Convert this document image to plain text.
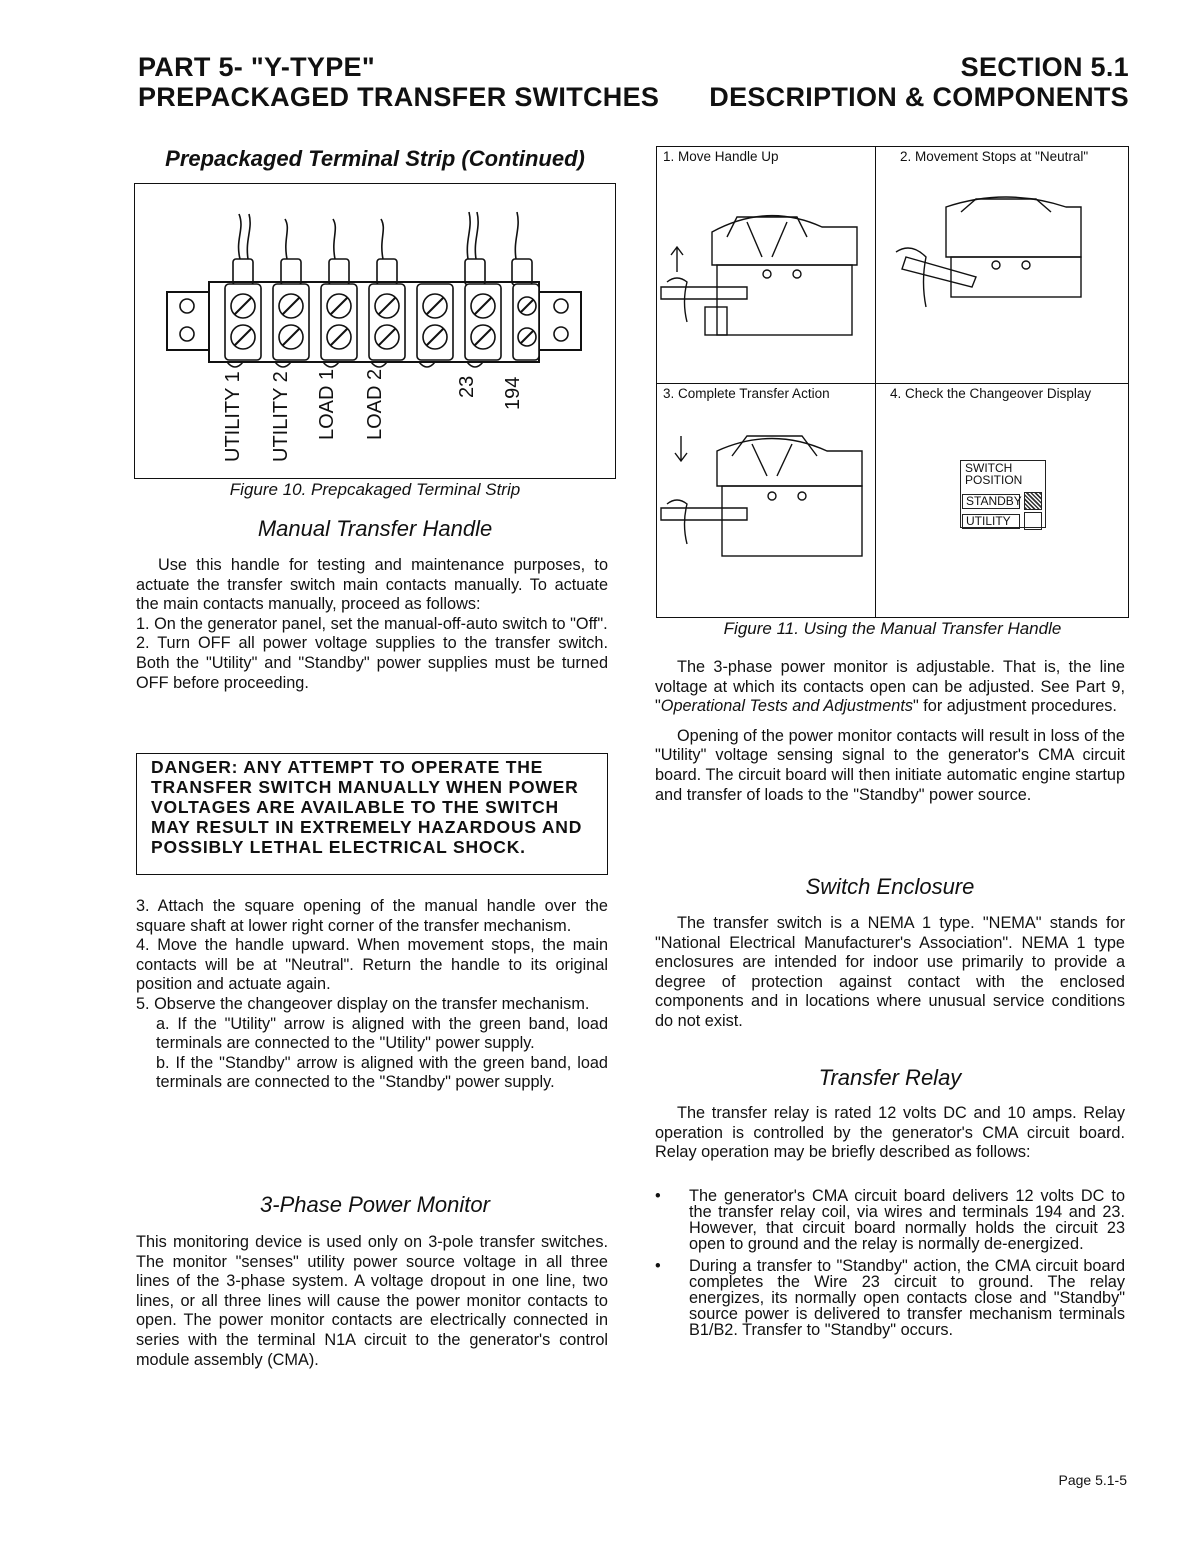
PART 5- "Y-TYPE"
PREPACKAGED TRANSFER SWITCHES
SECTION 5.1
DESCRIPTION & COMPONENTS
Prepackaged Terminal Strip (Continued)
UTILITY 1 UTILITY 2 LOAD 1 LOAD 2	23 194
Figure 10. Prepcakaged Terminal Strip
Manual Transfer Handle

Use this handle for testing and maintenance purposes, to actuate the transfer switch main contacts manually. To actuate the main contacts manually, proceed as follows:

1. On the generator panel, set the manual-off-auto switch to "Off".

2. Turn OFF all power voltage supplies to the transfer switch. Both the "Utility" and "Standby" power supplies must be turned OFF before proceeding.

DANGER: ANY ATTEMPT TO OPERATE THE TRANSFER SWITCH MANUALLY WHEN POWER VOLTAGES ARE AVAILABLE TO THE SWITCH MAY RESULT IN EXTREMELY HAZARDOUS AND POSSIBLY LETHAL ELECTRICAL SHOCK.

3. Attach the square opening of the manual handle over the square shaft at lower right corner of the transfer mechanism.

4. Move the handle upward. When movement stops, the main contacts will be at "Neutral". Return the handle to its original position and actuate again.

5. Observe the changeover display on the transfer mechanism.

a. If the "Utility" arrow is aligned with the green band, load terminals are connected to the "Utility" power supply.

b. If the "Standby" arrow is aligned with the green band, load terminals are connected to the "Standby" power supply.

3-Phase Power Monitor
This monitoring device is used only on 3-pole transfer switches. The monitor "senses" utility power source voltage in all three lines of the 3-phase system. A voltage dropout in one line, two lines, or all three lines will cause the power monitor contacts to open. The power monitor contacts are electrically connected in series with the terminal N1A circuit to the generator's control module assembly (CMA).
1. Move Handle Up	2. Movement Stops at "Neutral"
3. Complete Transfer Action	4. Check the Changeover Display
SWITCH
POSITION
STANDBY
UTILITY
Figure 11. Using the Manual Transfer Handle

The 3-phase power monitor is adjustable. That is, the line voltage at which its contacts open can be adjusted. See Part 9, "Operational Tests and Adjustments" for adjustment procedures.

Opening of the power monitor contacts will result in loss of the "Utility" voltage sensing signal to the generator's CMA circuit board. The circuit board will then initiate automatic engine startup and transfer of loads to the "Standby" power source.

Switch Enclosure
The transfer switch is a NEMA 1 type. "NEMA" stands for "National Electrical Manufacturer's Association". NEMA 1 type enclosures are intended for indoor use primarily to provide a degree of protection against contact with the enclosed components and in locations where unusual service conditions do not exist.
Transfer Relay
The transfer relay is rated 12 volts DC and 10 amps. Relay operation is controlled by the generator's CMA circuit board. Relay operation may be briefly described as follows:
•	The generator's CMA circuit board delivers 12 volts DC to the transfer relay coil, via wires and terminals 194 and 23. However, that circuit board normally holds the circuit 23 open to ground and the relay is normally de-energized.
•	During a transfer to "Standby" action, the CMA circuit board completes the Wire 23 circuit to ground. The relay energizes, its normally open contacts close and "Standby" source power is delivered to transfer mechanism terminals B1/B2. Transfer to "Standby" occurs.
Page 5.1-5
